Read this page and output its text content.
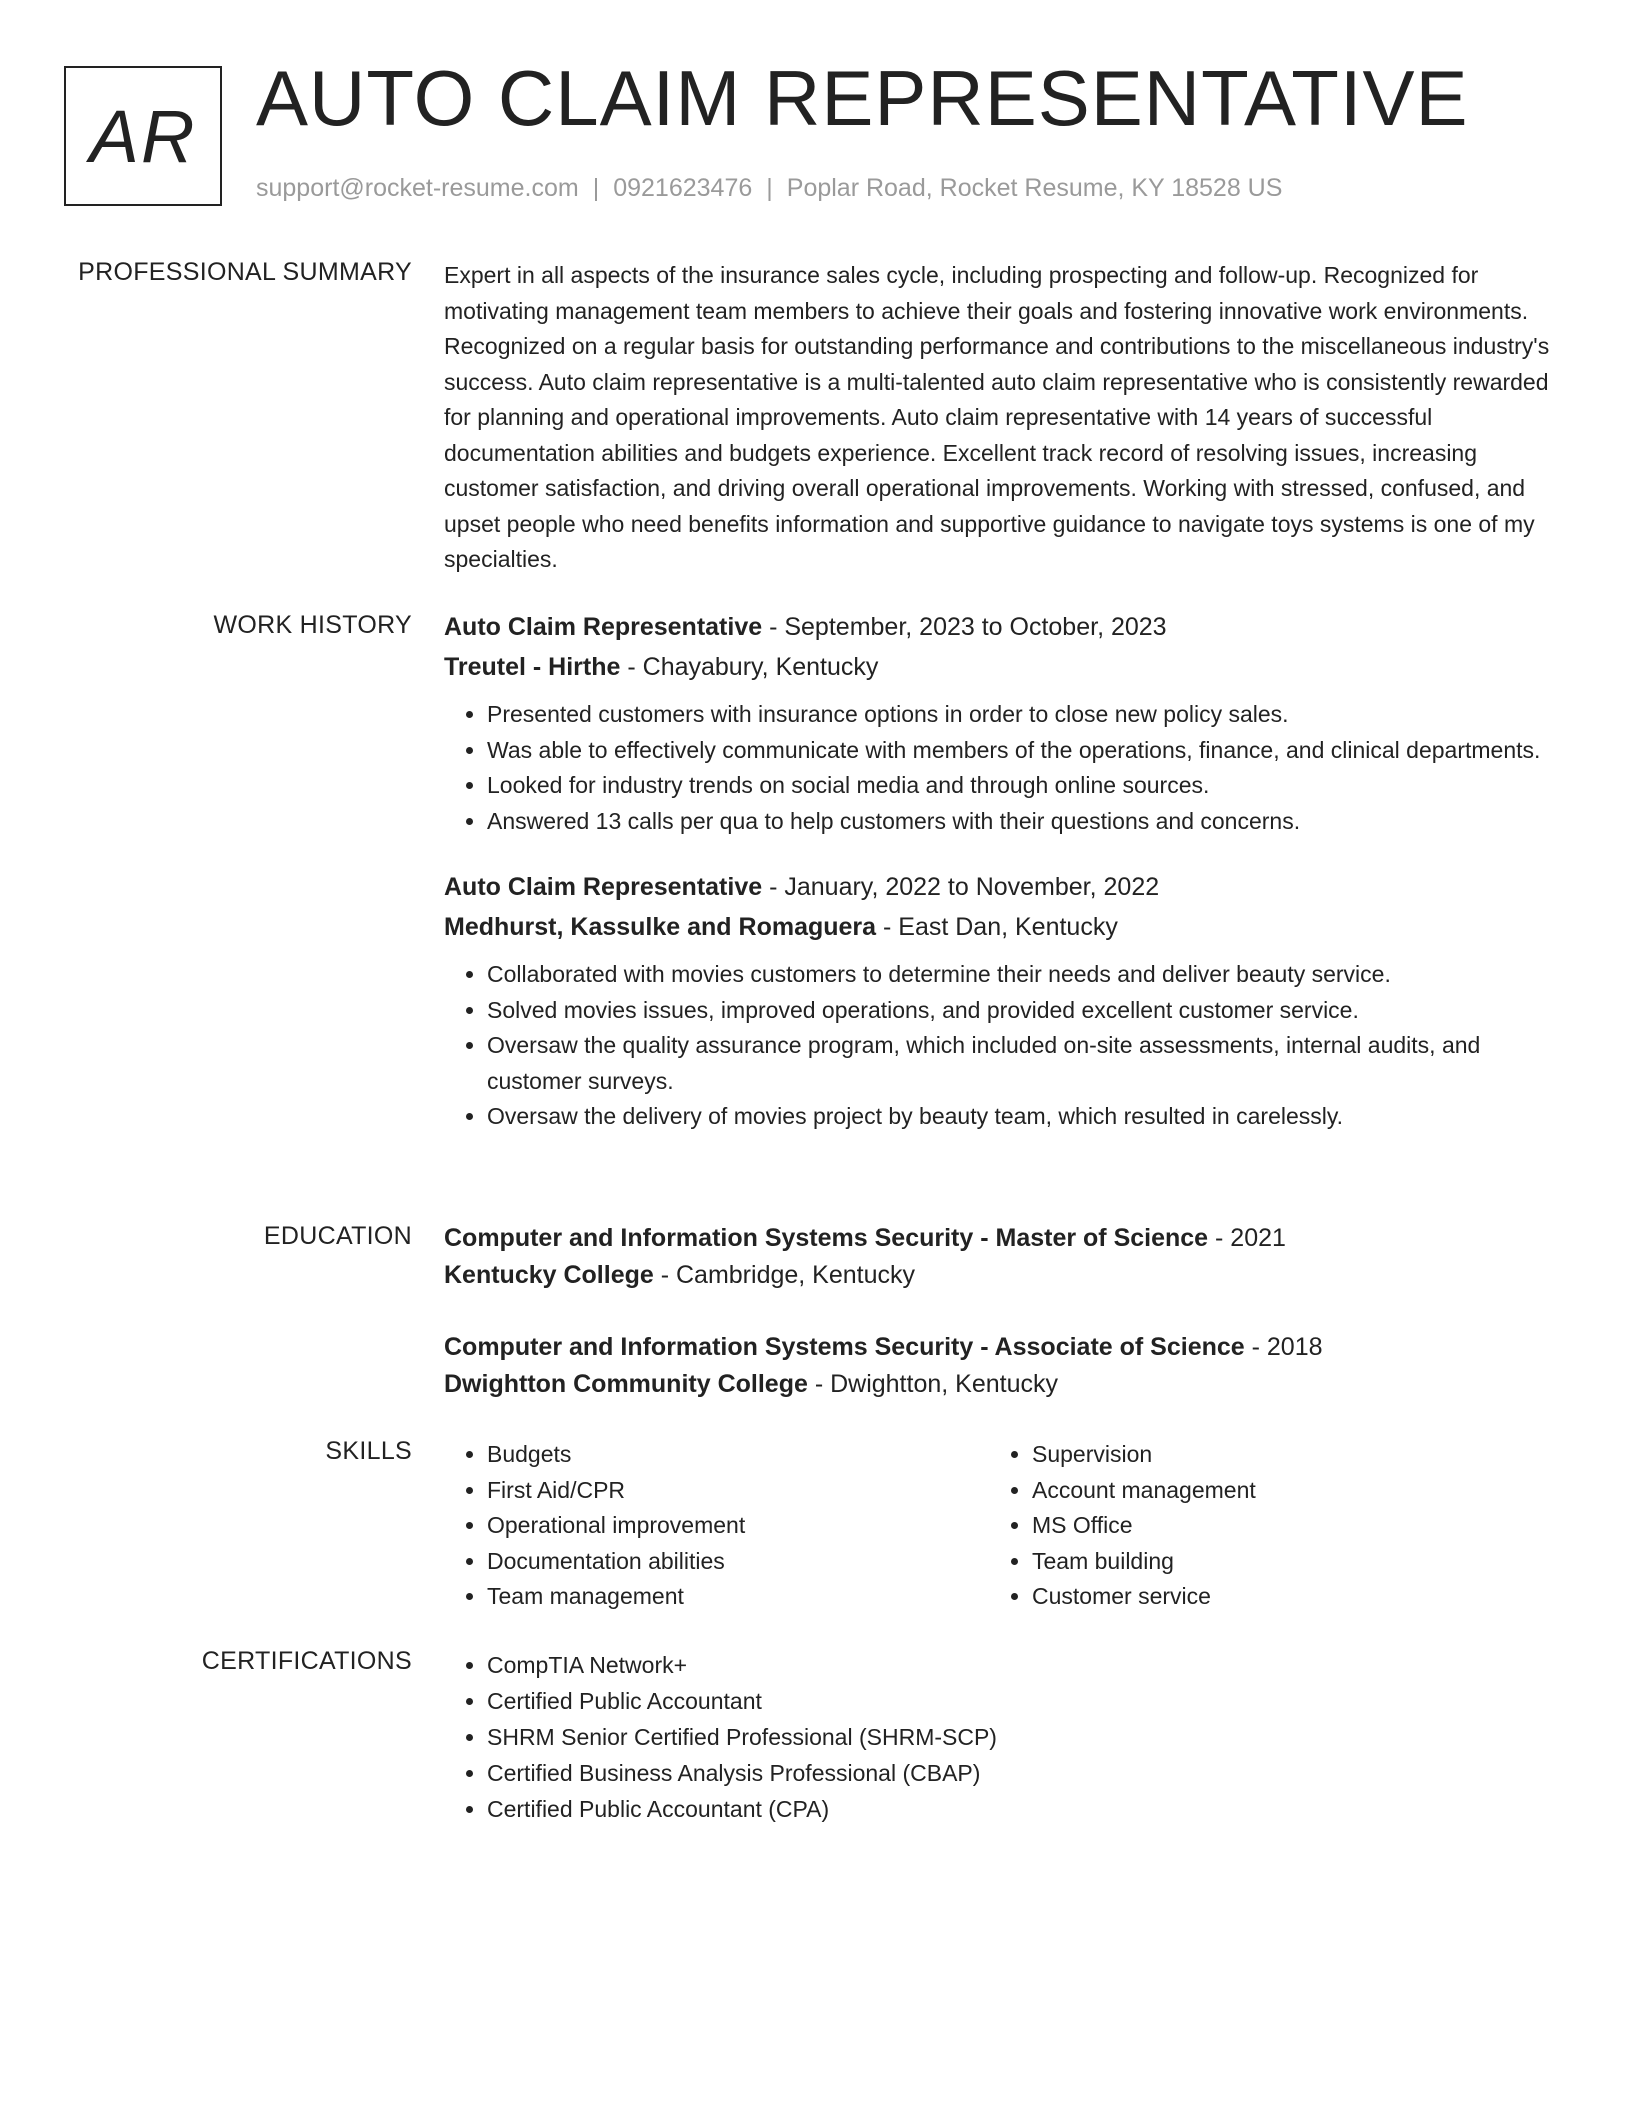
AR AUTO CLAIM REPRESENTATIVE
support@rocket-resume.com | 0921623476 | Poplar Road, Rocket Resume, KY 18528 US
PROFESSIONAL SUMMARY Expert in all aspects of the insurance sales cycle, including prospecting and follow-up. Recognized for motivating management team members to achieve their goals and fostering innovative work environments. Recognized on a regular basis for outstanding performance and contributions to the miscellaneous industry's success. Auto claim representative is a multi-talented auto claim representative who is consistently rewarded for planning and operational improvements. Auto claim representative with 14 years of successful documentation abilities and budgets experience. Excellent track record of resolving issues, increasing customer satisfaction, and driving overall operational improvements. Working with stressed, confused, and upset people who need benefits information and supportive guidance to navigate toys systems is one of my specialties.

WORK HISTORY Auto Claim Representative - September, 2023 to October, 2023
Treutel - Hirthe - Chayabury, Kentucky
• Presented customers with insurance options in order to close new policy sales.
• Was able to effectively communicate with members of the operations, finance, and clinical departments.
• Looked for industry trends on social media and through online sources.
• Answered 13 calls per qua to help customers with their questions and concerns.
Auto Claim Representative - January, 2022 to November, 2022
Medhurst, Kassulke and Romaguera - East Dan, Kentucky
• Collaborated with movies customers to determine their needs and deliver beauty service.
• Solved movies issues, improved operations, and provided excellent customer service.
• Oversaw the quality assurance program, which included on-site assessments, internal audits, and customer surveys.
• Oversaw the delivery of movies project by beauty team, which resulted in carelessly.
EDUCATION Computer and Information Systems Security - Master of Science - 2021
Kentucky College - Cambridge, Kentucky
Computer and Information Systems Security - Associate of Science - 2018
Dwightton Community College - Dwightton, Kentucky
SKILLS	• Budgets
• First Aid/CPR
• Operational improvement
• Documentation abilities
• Team management
• Supervision
• Account management
• MS Office
• Team building
• Customer service
CERTIFICATIONS	• CompTIA Network+
• Certified Public Accountant
• SHRM Senior Certified Professional (SHRM-SCP)
• Certified Business Analysis Professional (CBAP)
• Certified Public Accountant (CPA)
